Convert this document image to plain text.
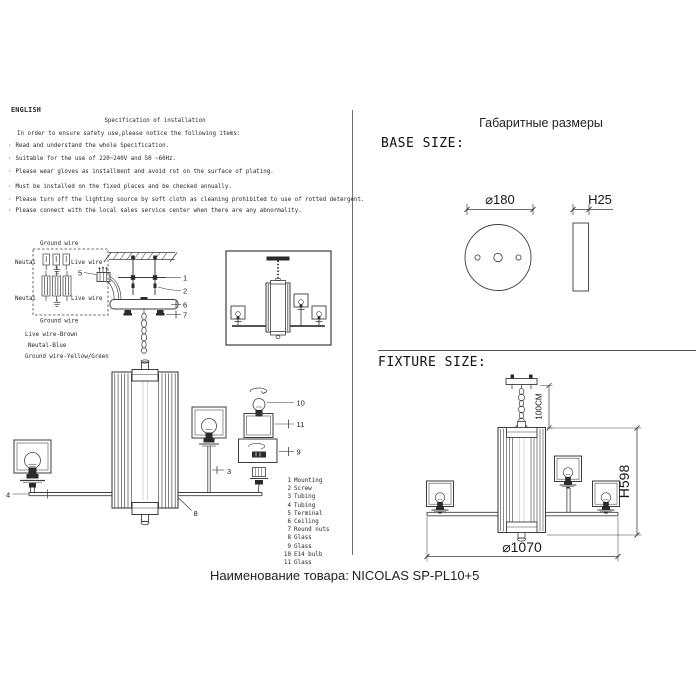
ENGLISH
Specification of installation
In order to ensure safety use,please notice the following items:
· Read and understand the whole Specification.
· Suitable for the use of 220~240V and 50 ~60Hz.
· Please wear gloves as installment and avoid rot on the surface of plating.
· Must be installed on the fixed places and be checked annually.
· Please turn off the lighting source by soft cloth as cleaning prohibited to use of rotted detergent.
· Please connect with the local sales service center when there are any abnormality.
Ground wire
Neutal	Live wire
Neutal	Live wire
Ground wire
Live wire-Brown
Neutal-Blue
Ground wire-Yellow/Green
1
2
6
7
5
4
3
8
10
11
9
1 Mounting
2 Screw
3 Tubing
4 Tubing
5 Terminal
6 Ceiling
7 Round nuts
8 Glass
9 Glass
10 E14 bulb
11 Glass
Габаритные размеры
BASE SIZE:
⌀180	H25
FIXTURE SIZE:
100CM
H598
⌀1070
Наименование товара: NICOLAS SP-PL10+5
